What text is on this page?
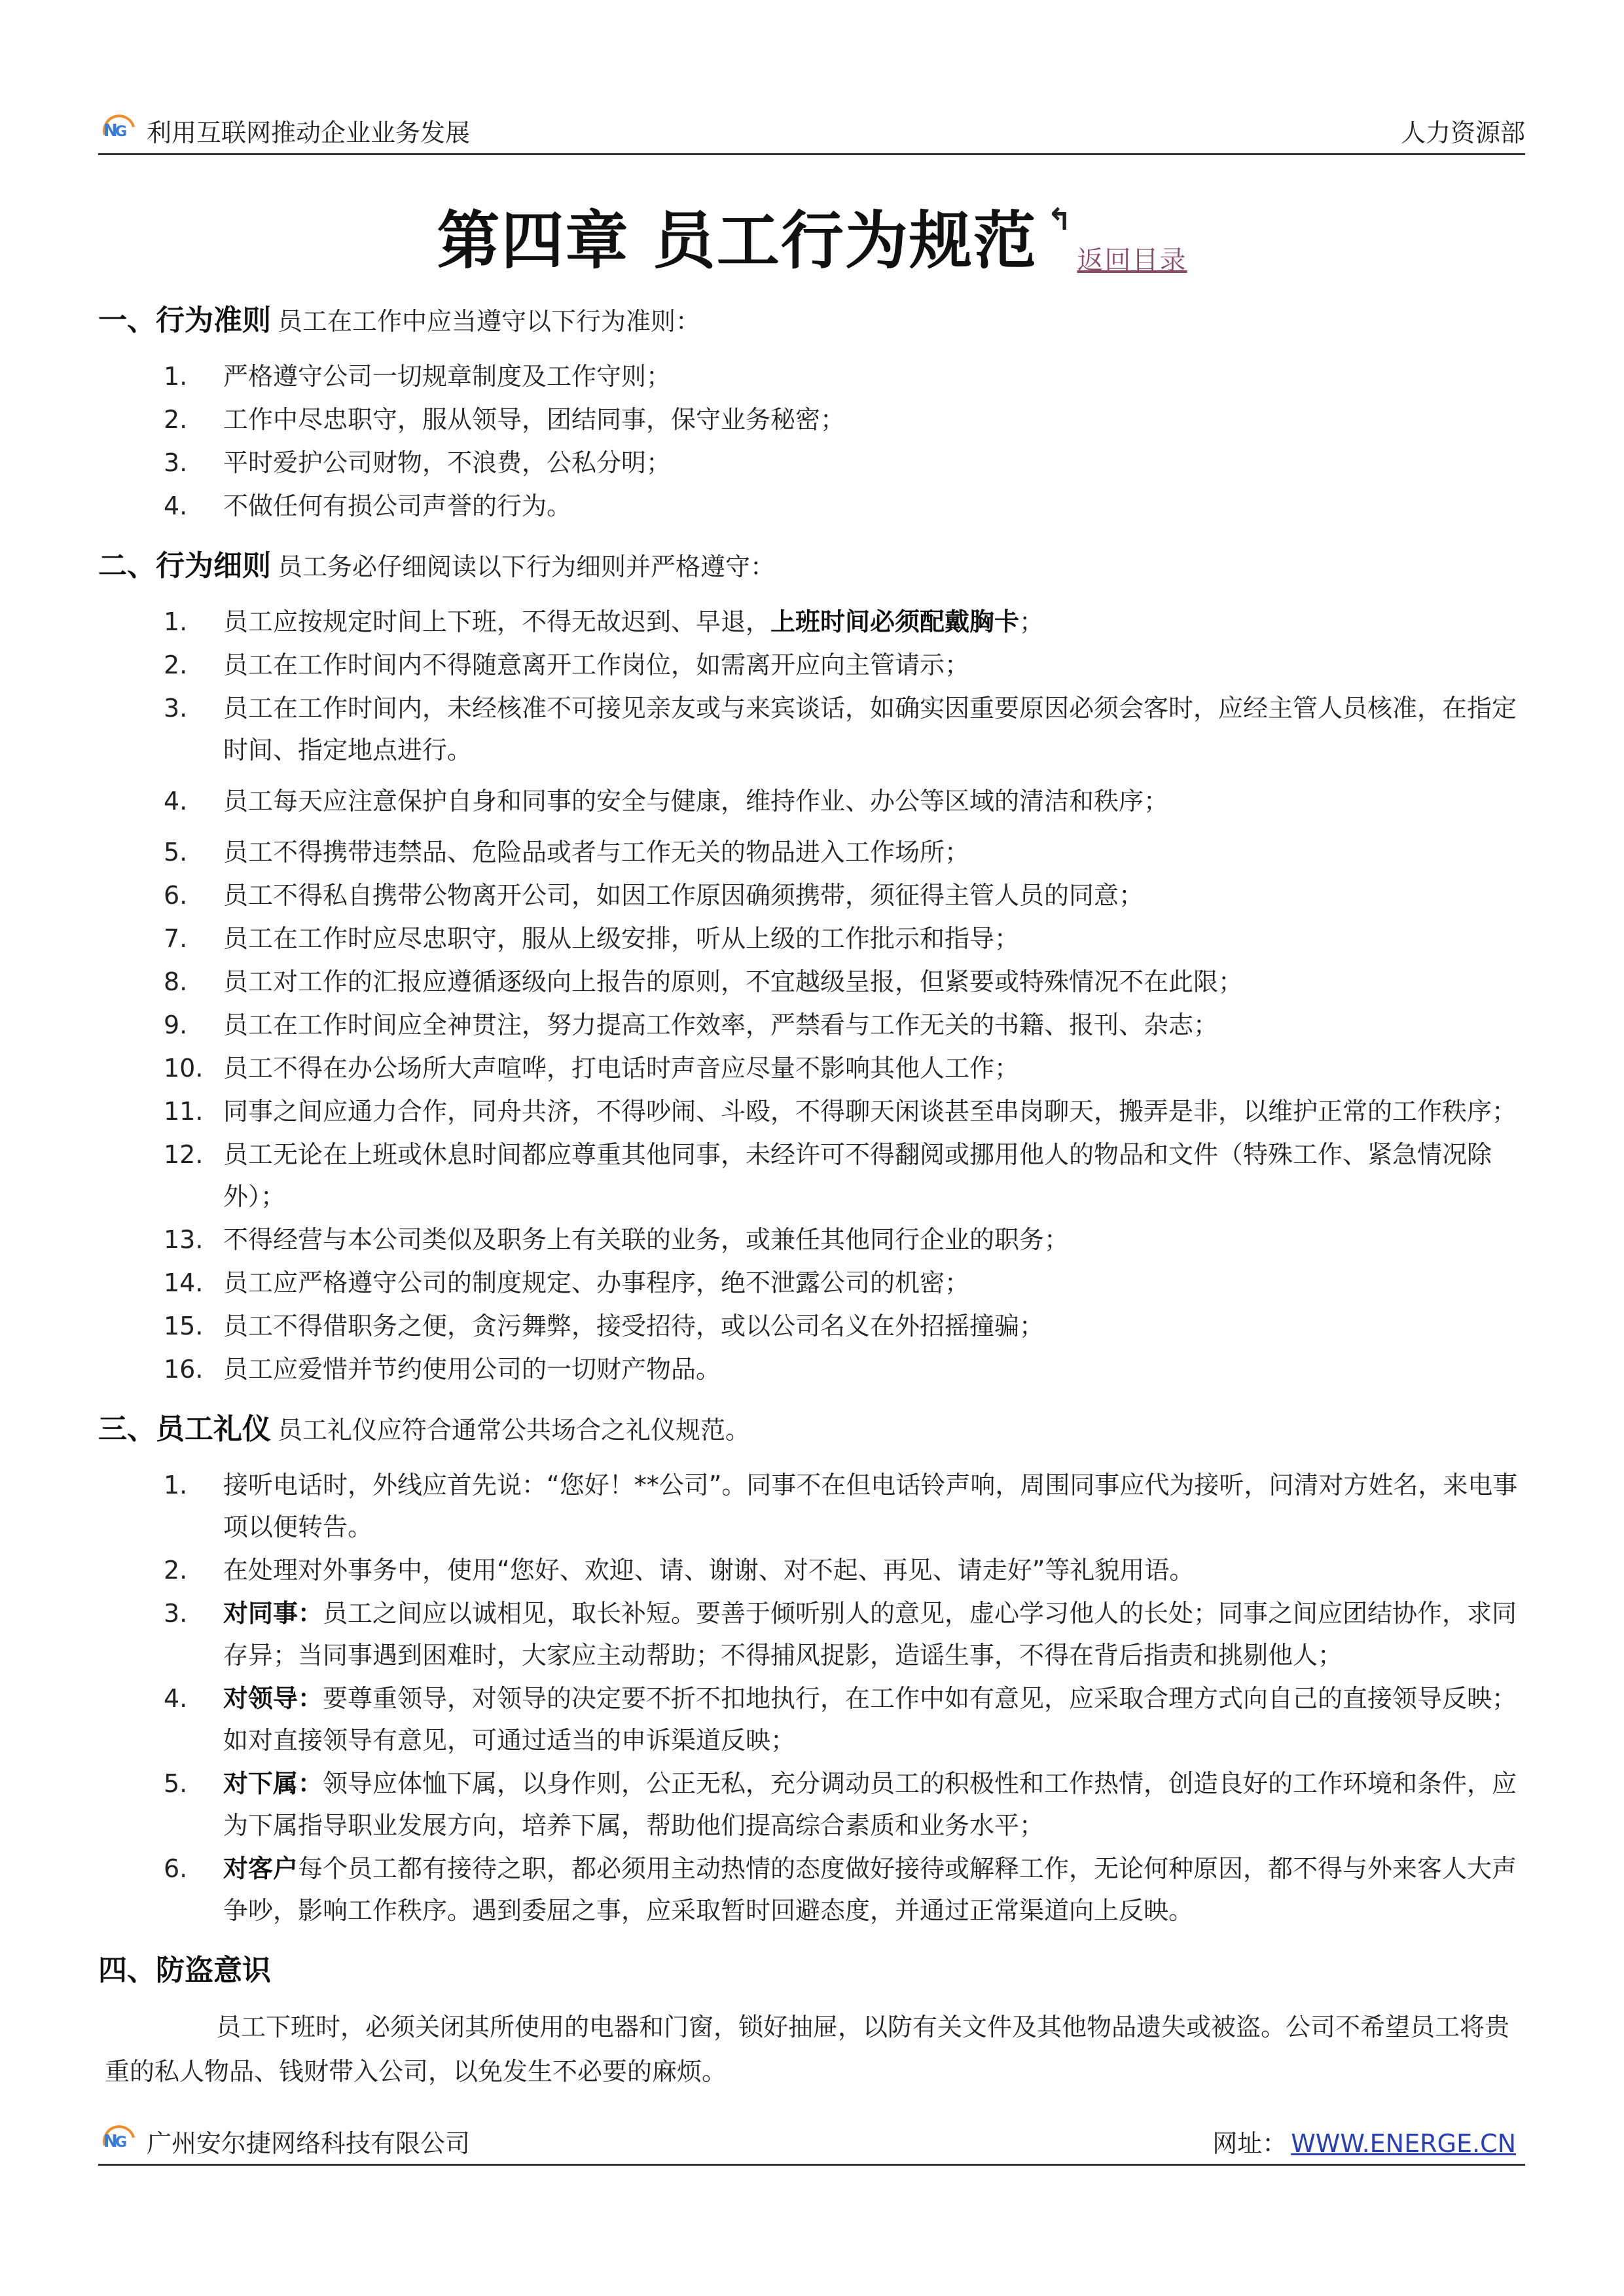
N
G 利用互联网推动企业业务发展	人力资源部
第四章 员工行为规范 ↰返回目录
一、行为准则 员工在工作中应当遵守以下行为准则：
1.	严格遵守公司一切规章制度及工作守则；
2.	工作中尽忠职守，服从领导，团结同事，保守业务秘密；
3.	平时爱护公司财物，不浪费，公私分明；
4.	不做任何有损公司声誉的行为。
二、行为细则 员工务必仔细阅读以下行为细则并严格遵守：
1.	员工应按规定时间上下班，不得无故迟到、早退，上班时间必须配戴胸卡；
2.	员工在工作时间内不得随意离开工作岗位，如需离开应向主管请示；
3.	员工在工作时间内，未经核准不可接见亲友或与来宾谈话，如确实因重要原因必须会客时，应经主管人员核准，在指定时间、指定地点进行。
4.	员工每天应注意保护自身和同事的安全与健康，维持作业、办公等区域的清洁和秩序；
5.	员工不得携带违禁品、危险品或者与工作无关的物品进入工作场所；
6.	员工不得私自携带公物离开公司，如因工作原因确须携带，须征得主管人员的同意；
7.	员工在工作时应尽忠职守，服从上级安排，听从上级的工作批示和指导；
8.	员工对工作的汇报应遵循逐级向上报告的原则，不宜越级呈报，但紧要或特殊情况不在此限；
9.	员工在工作时间应全神贯注，努力提高工作效率，严禁看与工作无关的书籍、报刊、杂志；
10. 员工不得在办公场所大声喧哗，打电话时声音应尽量不影响其他人工作；
11. 同事之间应通力合作，同舟共济，不得吵闹、斗殴，不得聊天闲谈甚至串岗聊天，搬弄是非，以维护正常的工作秩序；
12. 员工无论在上班或休息时间都应尊重其他同事，未经许可不得翻阅或挪用他人的物品和文件（特殊工作、紧急情况除外）；
13. 不得经营与本公司类似及职务上有关联的业务，或兼任其他同行企业的职务；
14. 员工应严格遵守公司的制度规定、办事程序，绝不泄露公司的机密；
15. 员工不得借职务之便，贪污舞弊，接受招待，或以公司名义在外招摇撞骗；
16. 员工应爱惜并节约使用公司的一切财产物品。
三、员工礼仪 员工礼仪应符合通常公共场合之礼仪规范。
1.	接听电话时，外线应首先说：“您好！**公司”。同事不在但电话铃声响，周围同事应代为接听，问清对方姓名，来电事项以便转告。
2.	在处理对外事务中，使用“您好、欢迎、请、谢谢、对不起、再见、请走好”等礼貌用语。
3.	对同事：员工之间应以诚相见，取长补短。要善于倾听别人的意见，虚心学习他人的长处；同事之间应团结协作，求同存异；当同事遇到困难时，大家应主动帮助；不得捕风捉影，造谣生事，不得在背后指责和挑剔他人；
4.	对领导：要尊重领导，对领导的决定要不折不扣地执行，在工作中如有意见，应采取合理方式向自己的直接领导反映；如对直接领导有意见，可通过适当的申诉渠道反映；
5.	对下属：领导应体恤下属，以身作则，公正无私，充分调动员工的积极性和工作热情，创造良好的工作环境和条件，应为下属指导职业发展方向，培养下属，帮助他们提高综合素质和业务水平；
6.	对客户每个员工都有接待之职，都必须用主动热情的态度做好接待或解释工作，无论何种原因，都不得与外来客人大声争吵，影响工作秩序。遇到委屈之事，应采取暂时回避态度，并通过正常渠道向上反映。
四、防盗意识
员工下班时，必须关闭其所使用的电器和门窗，锁好抽屉，以防有关文件及其他物品遗失或被盗。公司不希望员工将贵重的私人物品、钱财带入公司，以免发生不必要的麻烦。
N
G 广州安尔捷网络科技有限公司	网址： WWW.ENERGE.CN
